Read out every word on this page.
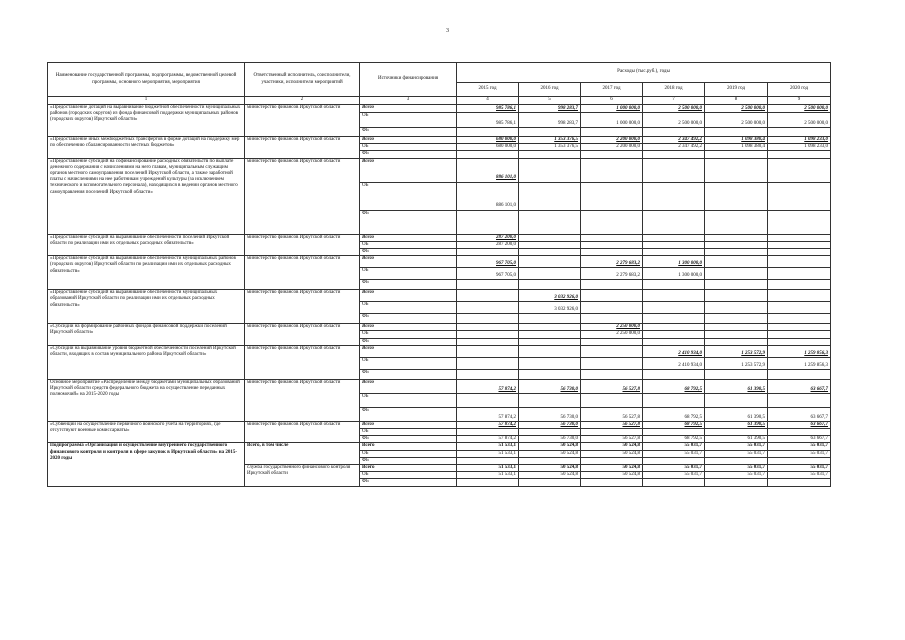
3
Наименование государственной программы, подпрограммы, ведомственной целевой программы, основного мероприятия, мероприятия	Ответственный исполнитель, соисполнители, участники, исполнители мероприятий	Источники финансирования	Расходы (тыс.руб.), годы					
			2015 год	2016 год	2017 год	2018 год	2019 год	2020 год
1	2	3	4	5	6	7	8	9
«Предоставление дотаций на выравнивание бюджетной обеспеченности муниципальных районов (городских округов) из фонда финансовой поддержки муниципальных районов (городских округов) Иркутской области»	министерство финансов Иркутской области	Всего	985 786,1	998 283,7	1 000 000,0	2 500 000,0	2 500 000,0	2 500 000,0
		ОБ	985 786,1	998 283,7	1 000 000,0	2 500 000,0	2 500 000,0	2 500 000,0
		ФБ						
«Предоставление иных межбюджетных трансфертов в форме дотаций на поддержку мер по обеспечению сбалансированности местных бюджетов»	министерство финансов Иркутской области	Всего	680 000,0	1 353 376,5	2 200 000,0	2 347 492,2	1 098 380,4	1 098 233,0
		ОБ	680 000,0	1 353 376,5	2 200 000,0	2 347 492,2	1 098 380,4	1 098 233,0
		ФБ						
«Предоставление субсидий на софинансирование расходных обязательств по выплате денежного содержания с начислениями на него главам, муниципальным служащим органов местного самоуправления поселений Иркутской области, а также заработной платы с начислениями на нее работникам учреждений культуры (за исключением технического и вспомогательного персонала), находящихся в ведении органов местного самоуправления поселений Иркутской области»	министерство финансов Иркутской области	Всего	886 101,0					
		ОБ	886 101,0					
		ФБ						
«Предоставление субсидий на выравнивание обеспеченности поселений Иркутской области по реализации ими их отдельных расходных обязательств»	министерство финансов Иркутской области	Всего	287 200,0					
		ОБ	287 200,0					
		ФБ						
«Предоставление субсидий на выравнивание обеспеченности муниципальных районов (городских округов) Иркутской области по реализации ими их отдельных расходных обязательств»	министерство финансов Иркутской области	Всего	967 705,0		2 279 683,2	1 300 000,0		
		ОБ	967 705,0		2 279 683,2	1 300 000,0		
		ФБ						
«Предоставление субсидий на выравнивание обеспеченности муниципальных образований Иркутской области по реализации ими их отдельных расходных обязательств»	министерство финансов Иркутской области	Всего		3 032 926,0				
		ОБ		3 032 926,0				
		ФБ						
«Субсидии на формирование районных фондов финансовой поддержки поселений Иркутской области»	министерство финансов Иркутской области	Всего			2 250 000,0			
		ОБ			2 250 000,0			
		ФБ						
«Субсидии на выравнивание уровня бюджетной обеспеченности поселений Иркутской области, входящих в состав муниципального района Иркутской области»	министерство финансов Иркутской области	Всего				2 410 934,0	1 253 572,9	1 259 856,3
		ОБ				2 410 934,0	1 253 572,9	1 259 856,3
		ФБ						
Основное мероприятие «Распределение между бюджетами муниципальных образований Иркутской области средств федерального бюджета на осуществление переданных полномочий» на 2015-2020 годы	министерство финансов Иркутской области	Всего	57 874,2	56 730,0	56 527,8	68 792,5	61 390,5	63 667,7
		ОБ						
		ФБ	57 874,2	56 730,0	56 527,8	68 792,5	61 390,5	63 667,7
«Субвенции на осуществление первичного воинского учета на территориях, где отсутствуют военные комиссариаты»	министерство финансов Иркутской области	Всего	57 874,2	56 730,0	56 527,8	68 792,5	61 390,5	63 667,7
		ОБ						
		ФБ	57 874,2	56 730,0	56 527,8	68 792,5	61 390,5	63 667,7
Подпрограмма «Организация и осуществление внутреннего государственного финансового контроля и контроля в сфере закупок в Иркутской области» на 2015-2020 годы	Всего, в том числе	Всего	51 533,1	50 524,8	50 524,8	55 031,7	55 031,7	55 031,7
		ОБ	51 533,1	50 524,8	50 524,8	55 031,7	55 031,7	55 031,7
		ФБ						
	служба государственного финансового контроля Иркутской области	Всего	51 533,1	50 524,8	50 524,8	55 031,7	55 031,7	55 031,7
		ОБ	51 533,1	50 524,8	50 524,8	55 031,7	55 031,7	55 031,7
		ФБ						
